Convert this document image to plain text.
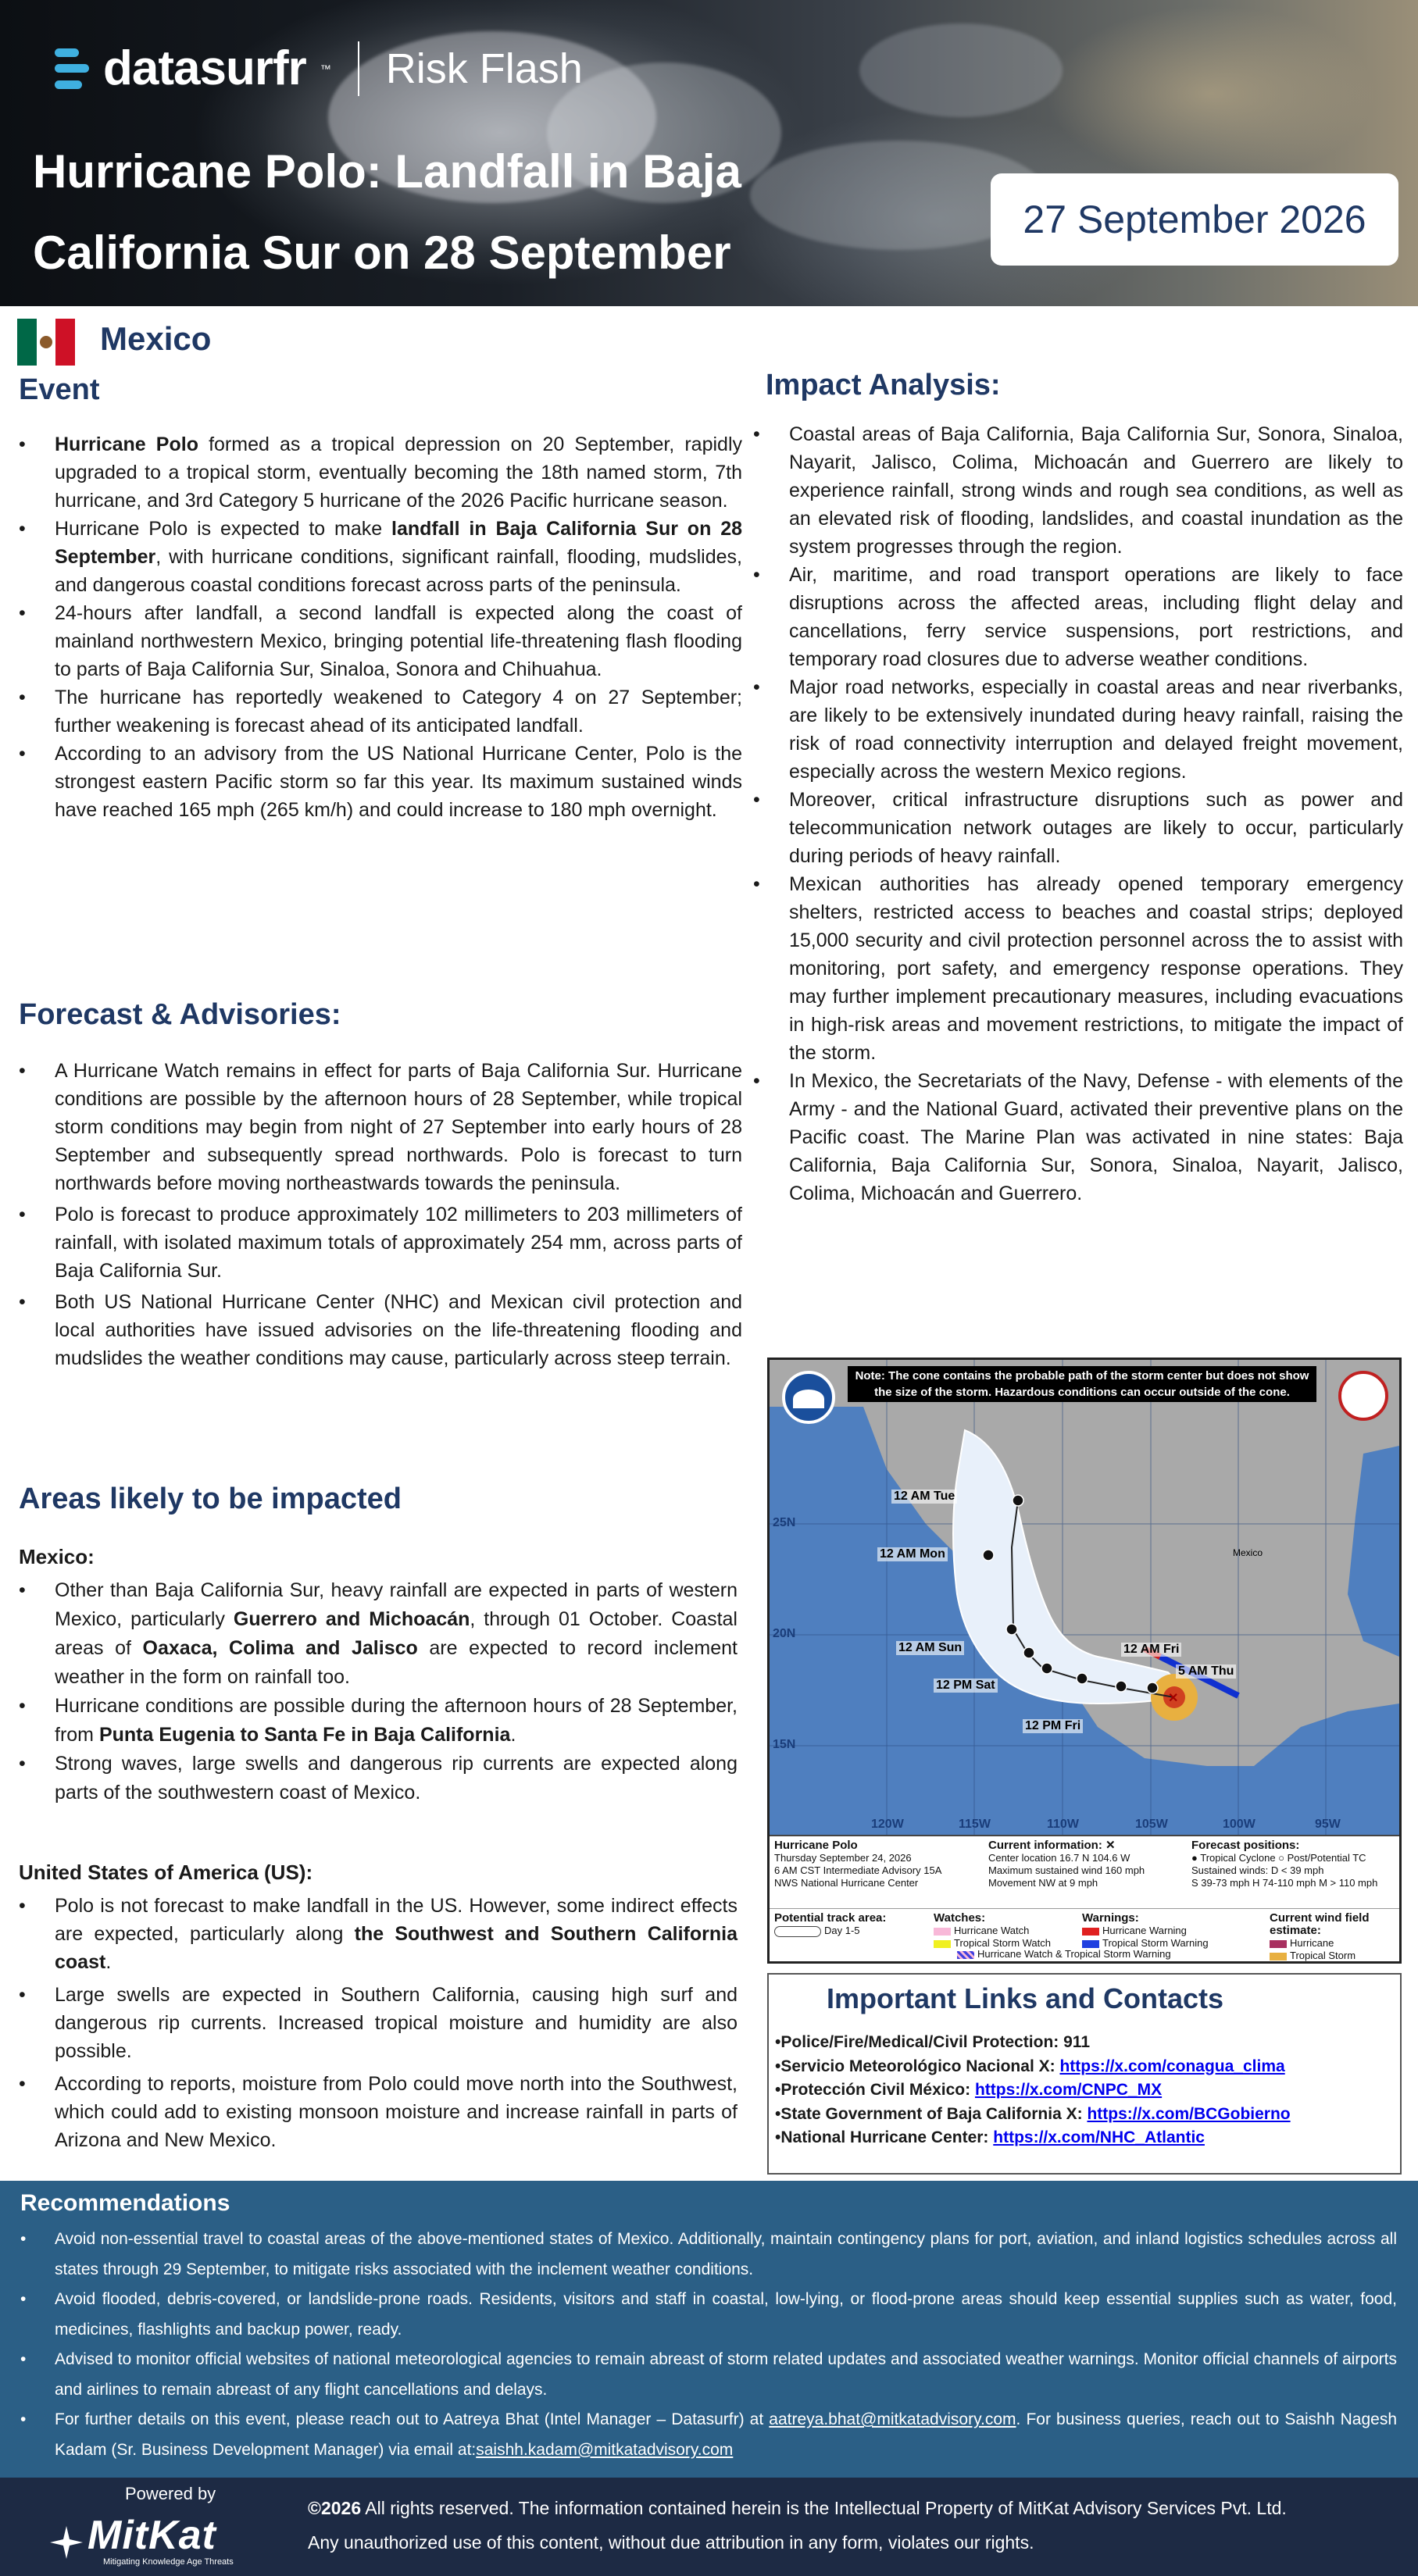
datasurfr ™ Risk Flash
Hurricane Polo: Landfall in Baja
California Sur on 28 September
27 September 2026
Mexico
Event
• Hurricane Polo formed as a tropical depression on 20 September, rapidly upgraded to a tropical storm, eventually becoming the 18th named storm, 7th hurricane, and 3rd Category 5 hurricane of the 2026 Pacific hurricane season.
• Hurricane Polo is expected to make landfall in Baja California Sur on 28 September, with hurricane conditions, significant rainfall, flooding, mudslides, and dangerous coastal conditions forecast across parts of the peninsula.
• 24-hours after landfall, a second landfall is expected along the coast of mainland northwestern Mexico, bringing potential life-threatening flash flooding to parts of Baja California Sur, Sinaloa, Sonora and Chihuahua.
• The hurricane has reportedly weakened to Category 4 on 27 September; further weakening is forecast ahead of its anticipated landfall.
• According to an advisory from the US National Hurricane Center, Polo is the strongest eastern Pacific storm so far this year. Its maximum sustained winds have reached 165 mph (265 km/h) and could increase to 180 mph overnight.
Forecast & Advisories:
• A Hurricane Watch remains in effect for parts of Baja California Sur. Hurricane conditions are possible by the afternoon hours of 28 September, while tropical storm conditions may begin from night of 27 September into early hours of 28 September and subsequently spread northwards. Polo is forecast to turn northwards before moving northeastwards towards the peninsula.
• Polo is forecast to produce approximately 102 millimeters to 203 millimeters of rainfall, with isolated maximum totals of approximately 254 mm, across parts of Baja California Sur.
• Both US National Hurricane Center (NHC) and Mexican civil protection and local authorities have issued advisories on the life-threatening flooding and mudslides the weather conditions may cause, particularly across steep terrain.
Areas likely to be impacted
Mexico:
• Other than Baja California Sur, heavy rainfall are expected in parts of western Mexico, particularly Guerrero and Michoacán, through 01 October. Coastal areas of Oaxaca, Colima and Jalisco are expected to record inclement weather in the form on rainfall too.
• Hurricane conditions are possible during the afternoon hours of 28 September, from Punta Eugenia to Santa Fe in Baja California.
• Strong waves, large swells and dangerous rip currents are expected along parts of the southwestern coast of Mexico.
United States of America (US):
• Polo is not forecast to make landfall in the US. However, some indirect effects are expected, particularly along the Southwest and Southern California coast.
• Large swells are expected in Southern California, causing high surf and dangerous rip currents. Increased tropical moisture and humidity are also possible.
• According to reports, moisture from Polo could move north into the Southwest, which could add to existing monsoon moisture and increase rainfall in parts of Arizona and New Mexico.
Impact Analysis:
• Coastal areas of Baja California, Baja California Sur, Sonora, Sinaloa, Nayarit, Jalisco, Colima, Michoacán and Guerrero are likely to experience rainfall, strong winds and rough sea conditions, as well as an elevated risk of flooding, landslides, and coastal inundation as the system progresses through the region.
• Air, maritime, and road transport operations are likely to face disruptions across the affected areas, including flight delay and cancellations, ferry service suspensions, port restrictions, and temporary road closures due to adverse weather conditions.
• Major road networks, especially in coastal areas and near riverbanks, are likely to be extensively inundated during heavy rainfall, raising the risk of road connectivity interruption and delayed freight movement, especially across the western Mexico regions.
• Moreover, critical infrastructure disruptions such as power and telecommunication network outages are likely to occur, particularly during periods of heavy rainfall.
• Mexican authorities has already opened temporary emergency shelters, restricted access to beaches and coastal strips; deployed 15,000 security and civil protection personnel across the to assist with monitoring, port safety, and emergency response operations. They may further implement precautionary measures, including evacuations in high-risk areas and movement restrictions, to mitigate the impact of the storm.
• In Mexico, the Secretariats of the Navy, Defense - with elements of the Army - and the National Guard, activated their preventive plans on the Pacific coast. The Marine Plan was activated in nine states: Baja California, Baja California Sur, Sonora, Sinaloa, Nayarit, Jalisco, Colima, Michoacán and Guerrero.
✕
Note: The cone contains the probable path of the storm center but does not show
the size of the storm. Hazardous conditions can occur outside of the cone.
12 AM Tue
12 AM Mon
12 AM Sun
12 PM Sat
12 PM Fri
12 AM Fri
5 AM Thu
Mexico
25N
20N
15N
120W	115W	110W	105W	100W	95W
Hurricane Polo
Thursday September 24, 2026
6 AM CST Intermediate Advisory 15A
NWS National Hurricane Center
Current information: ✕
Center location 16.7 N 104.6 W
Maximum sustained wind 160 mph
Movement NW at 9 mph
Forecast positions:
● Tropical Cyclone ○ Post/Potential TC
Sustained winds: D < 39 mph
S 39-73 mph H 74-110 mph M > 110 mph
Potential track area:
Day 1-5
Watches:
Hurricane Watch
Tropical Storm Watch
Warnings:
Hurricane Warning
Tropical Storm Warning
Current wind field estimate:
Hurricane
Tropical Storm
Hurricane Watch & Tropical Storm Warning
Important Links and Contacts
•Police/Fire/Medical/Civil Protection: 911
•Servicio Meteorológico Nacional X: https://x.com/conagua_clima
•Protección Civil México: https://x.com/CNPC_MX
•State Government of Baja California X: https://x.com/BCGobierno
•National Hurricane Center: https://x.com/NHC_Atlantic
Recommendations
• Avoid non-essential travel to coastal areas of the above-mentioned states of Mexico. Additionally, maintain contingency plans for port, aviation, and inland logistics schedules across all states through 29 September, to mitigate risks associated with the inclement weather conditions.
• Avoid flooded, debris-covered, or landslide-prone roads. Residents, visitors and staff in coastal, low-lying, or flood-prone areas should keep essential supplies such as water, food, medicines, flashlights and backup power, ready.
• Advised to monitor official websites of national meteorological agencies to remain abreast of storm related updates and associated weather warnings. Monitor official channels of airports and airlines to remain abreast of any flight cancellations and delays.
• For further details on this event, please reach out to Aatreya Bhat (Intel Manager – Datasurfr) at aatreya.bhat@mitkatadvisory.com. For business queries, reach out to Saishh Nagesh Kadam (Sr. Business Development Manager) via email at:saishh.kadam@mitkatadvisory.com
Powered by
MitKat
Mitigating Knowledge Age Threats
©2026 All rights reserved. The information contained herein is the Intellectual Property of MitKat Advisory Services Pvt. Ltd.
Any unauthorized use of this content, without due attribution in any form, violates our rights.
